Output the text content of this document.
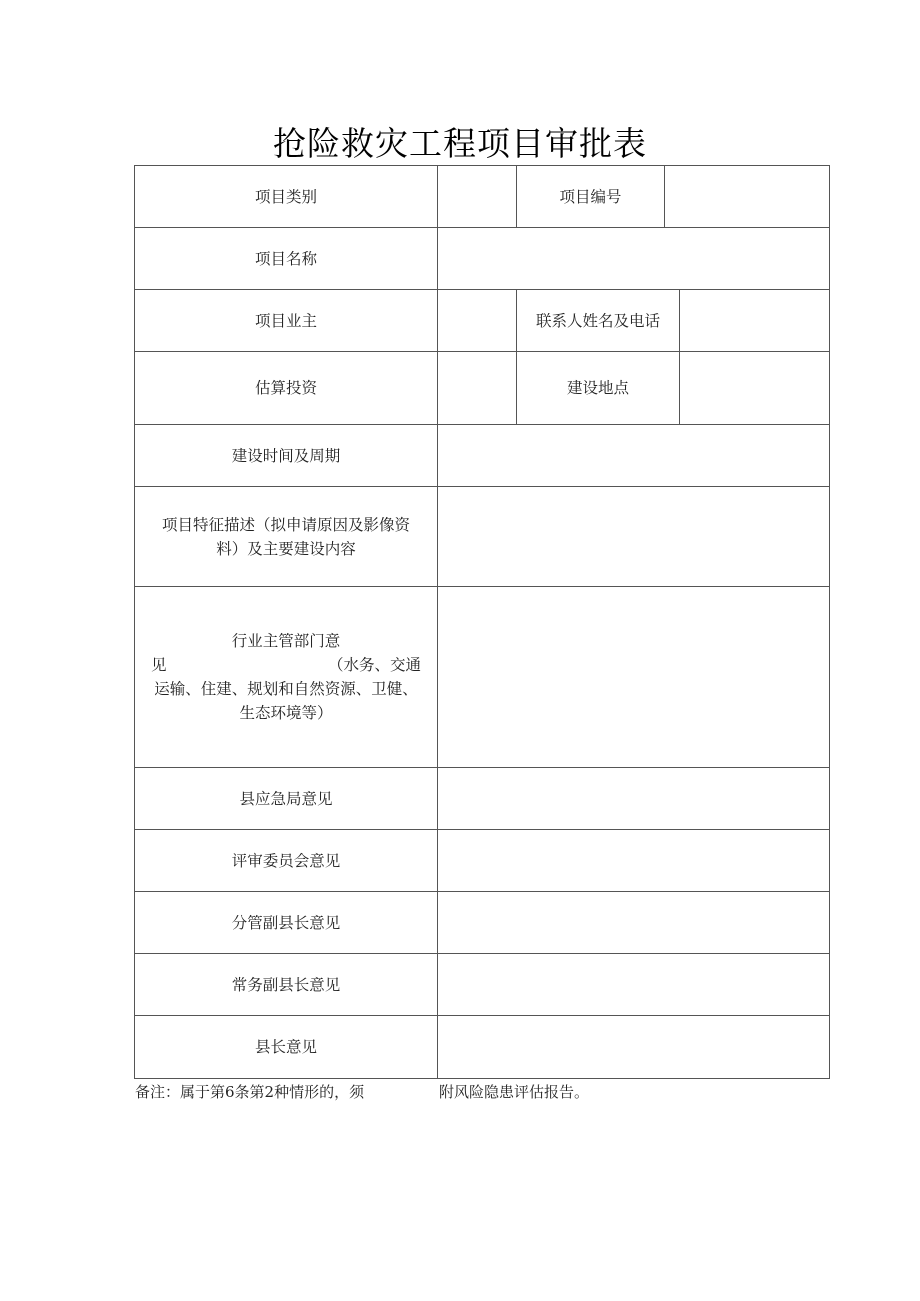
抢险救灾工程项目审批表
项目类别	项目编号
项目名称
项目业主	联系人姓名及电话
估算投资	建设地点
建设时间及周期
项目特征描述（拟申请原因及影像资
料）及主要建设内容
行业主管部门意
见	（水务、交通
运输、住建、规划和自然资源、卫健、
生态环境等）
县应急局意见
评审委员会意见
分管副县长意见
常务副县长意见
县长意见
备注：属于第6条第2种情形的，须	附风险隐患评估报告。
